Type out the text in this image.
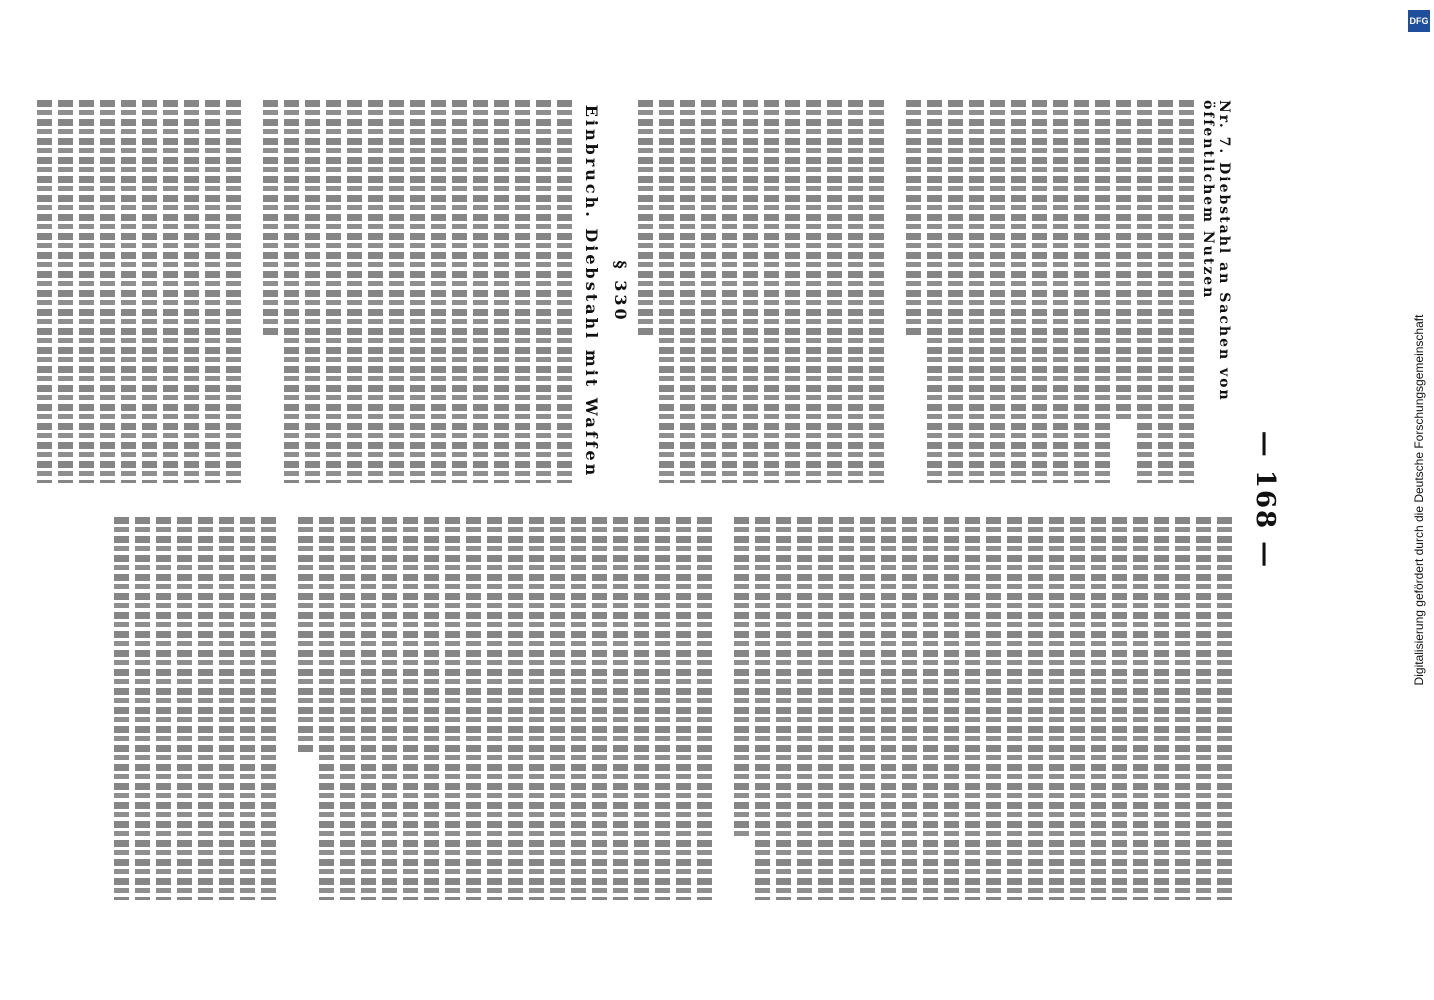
— 168 —
Nr. 7. Diebstahl an Sachen von öffentlichem Nutzen
§ 330
Einbruch. Diebstahl mit Waffen
DFG
Digitalisierung gefördert durch die Deutsche Forschungsgemeinschaft
